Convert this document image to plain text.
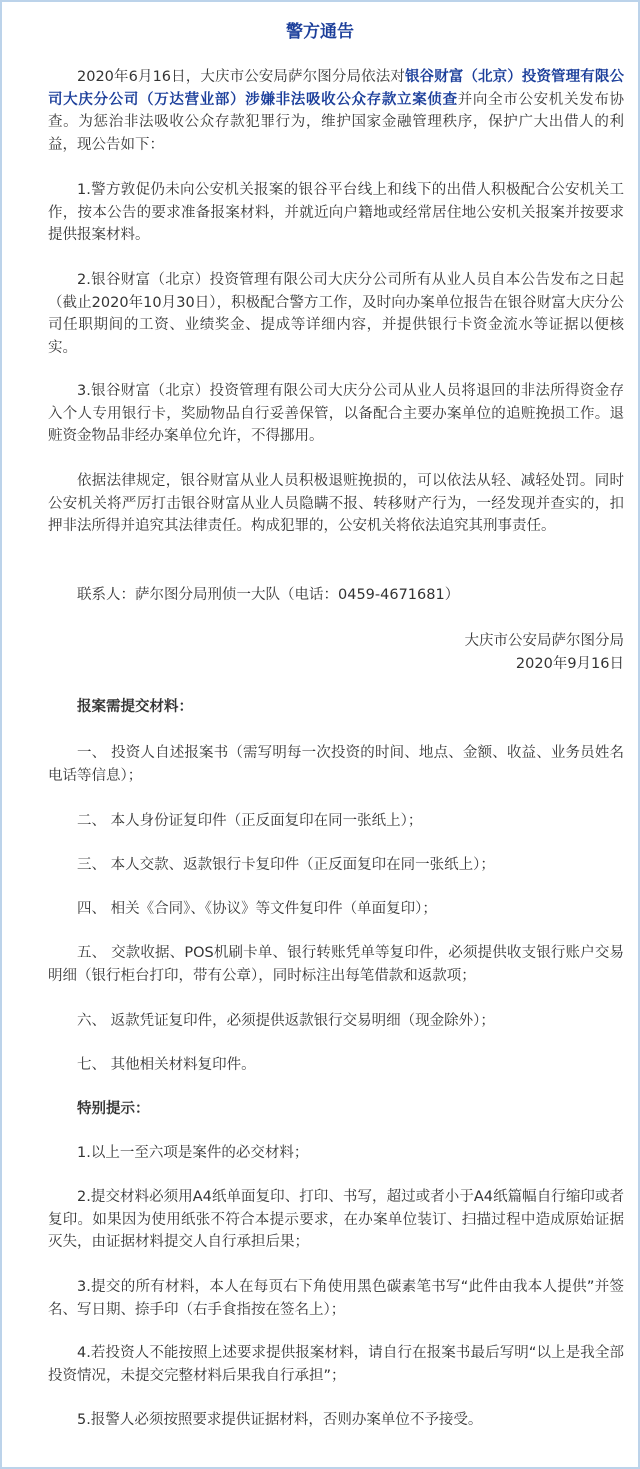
警方通告
2020年6月16日，大庆市公安局萨尔图分局依法对银谷财富（北京）投资管理有限公司大庆分公司（万达营业部）涉嫌非法吸收公众存款立案侦查并向全市公安机关发布协查。为惩治非法吸收公众存款犯罪行为，维护国家金融管理秩序，保护广大出借人的利益，现公告如下：
1.警方敦促仍未向公安机关报案的银谷平台线上和线下的出借人积极配合公安机关工作，按本公告的要求准备报案材料，并就近向户籍地或经常居住地公安机关报案并按要求提供报案材料。
2.银谷财富（北京）投资管理有限公司大庆分公司所有从业人员自本公告发布之日起（截止2020年10月30日），积极配合警方工作，及时向办案单位报告在银谷财富大庆分公司任职期间的工资、业绩奖金、提成等详细内容，并提供银行卡资金流水等证据以便核实。
3.银谷财富（北京）投资管理有限公司大庆分公司从业人员将退回的非法所得资金存入个人专用银行卡，奖励物品自行妥善保管，以备配合主要办案单位的追赃挽损工作。退赃资金物品非经办案单位允许，不得挪用。
依据法律规定，银谷财富从业人员积极退赃挽损的，可以依法从轻、减轻处罚。同时公安机关将严厉打击银谷财富从业人员隐瞒不报、转移财产行为，一经发现并查实的，扣押非法所得并追究其法律责任。构成犯罪的，公安机关将依法追究其刑事责任。
联系人：萨尔图分局刑侦一大队（电话：0459-4671681）
大庆市公安局萨尔图分局
2020年9月16日
报案需提交材料：
一、 投资人自述报案书（需写明每一次投资的时间、地点、金额、收益、业务员姓名电话等信息）；
二、 本人身份证复印件（正反面复印在同一张纸上）；
三、 本人交款、返款银行卡复印件（正反面复印在同一张纸上）；
四、 相关《合同》、《协议》等文件复印件（单面复印）；
五、 交款收据、POS机刷卡单、银行转账凭单等复印件，必须提供收支银行账户交易明细（银行柜台打印，带有公章），同时标注出每笔借款和返款项；
六、 返款凭证复印件，必须提供返款银行交易明细（现金除外）；
七、 其他相关材料复印件。
特别提示：
1.以上一至六项是案件的必交材料；
2.提交材料必须用A4纸单面复印、打印、书写，超过或者小于A4纸篇幅自行缩印或者复印。如果因为使用纸张不符合本提示要求，在办案单位装订、扫描过程中造成原始证据灭失，由证据材料提交人自行承担后果；
3.提交的所有材料，本人在每页右下角使用黑色碳素笔书写“此件由我本人提供”并签名、写日期、捺手印（右手食指按在签名上）；
4.若投资人不能按照上述要求提供报案材料，请自行在报案书最后写明“以上是我全部投资情况，未提交完整材料后果我自行承担”；
5.报警人必须按照要求提供证据材料，否则办案单位不予接受。
